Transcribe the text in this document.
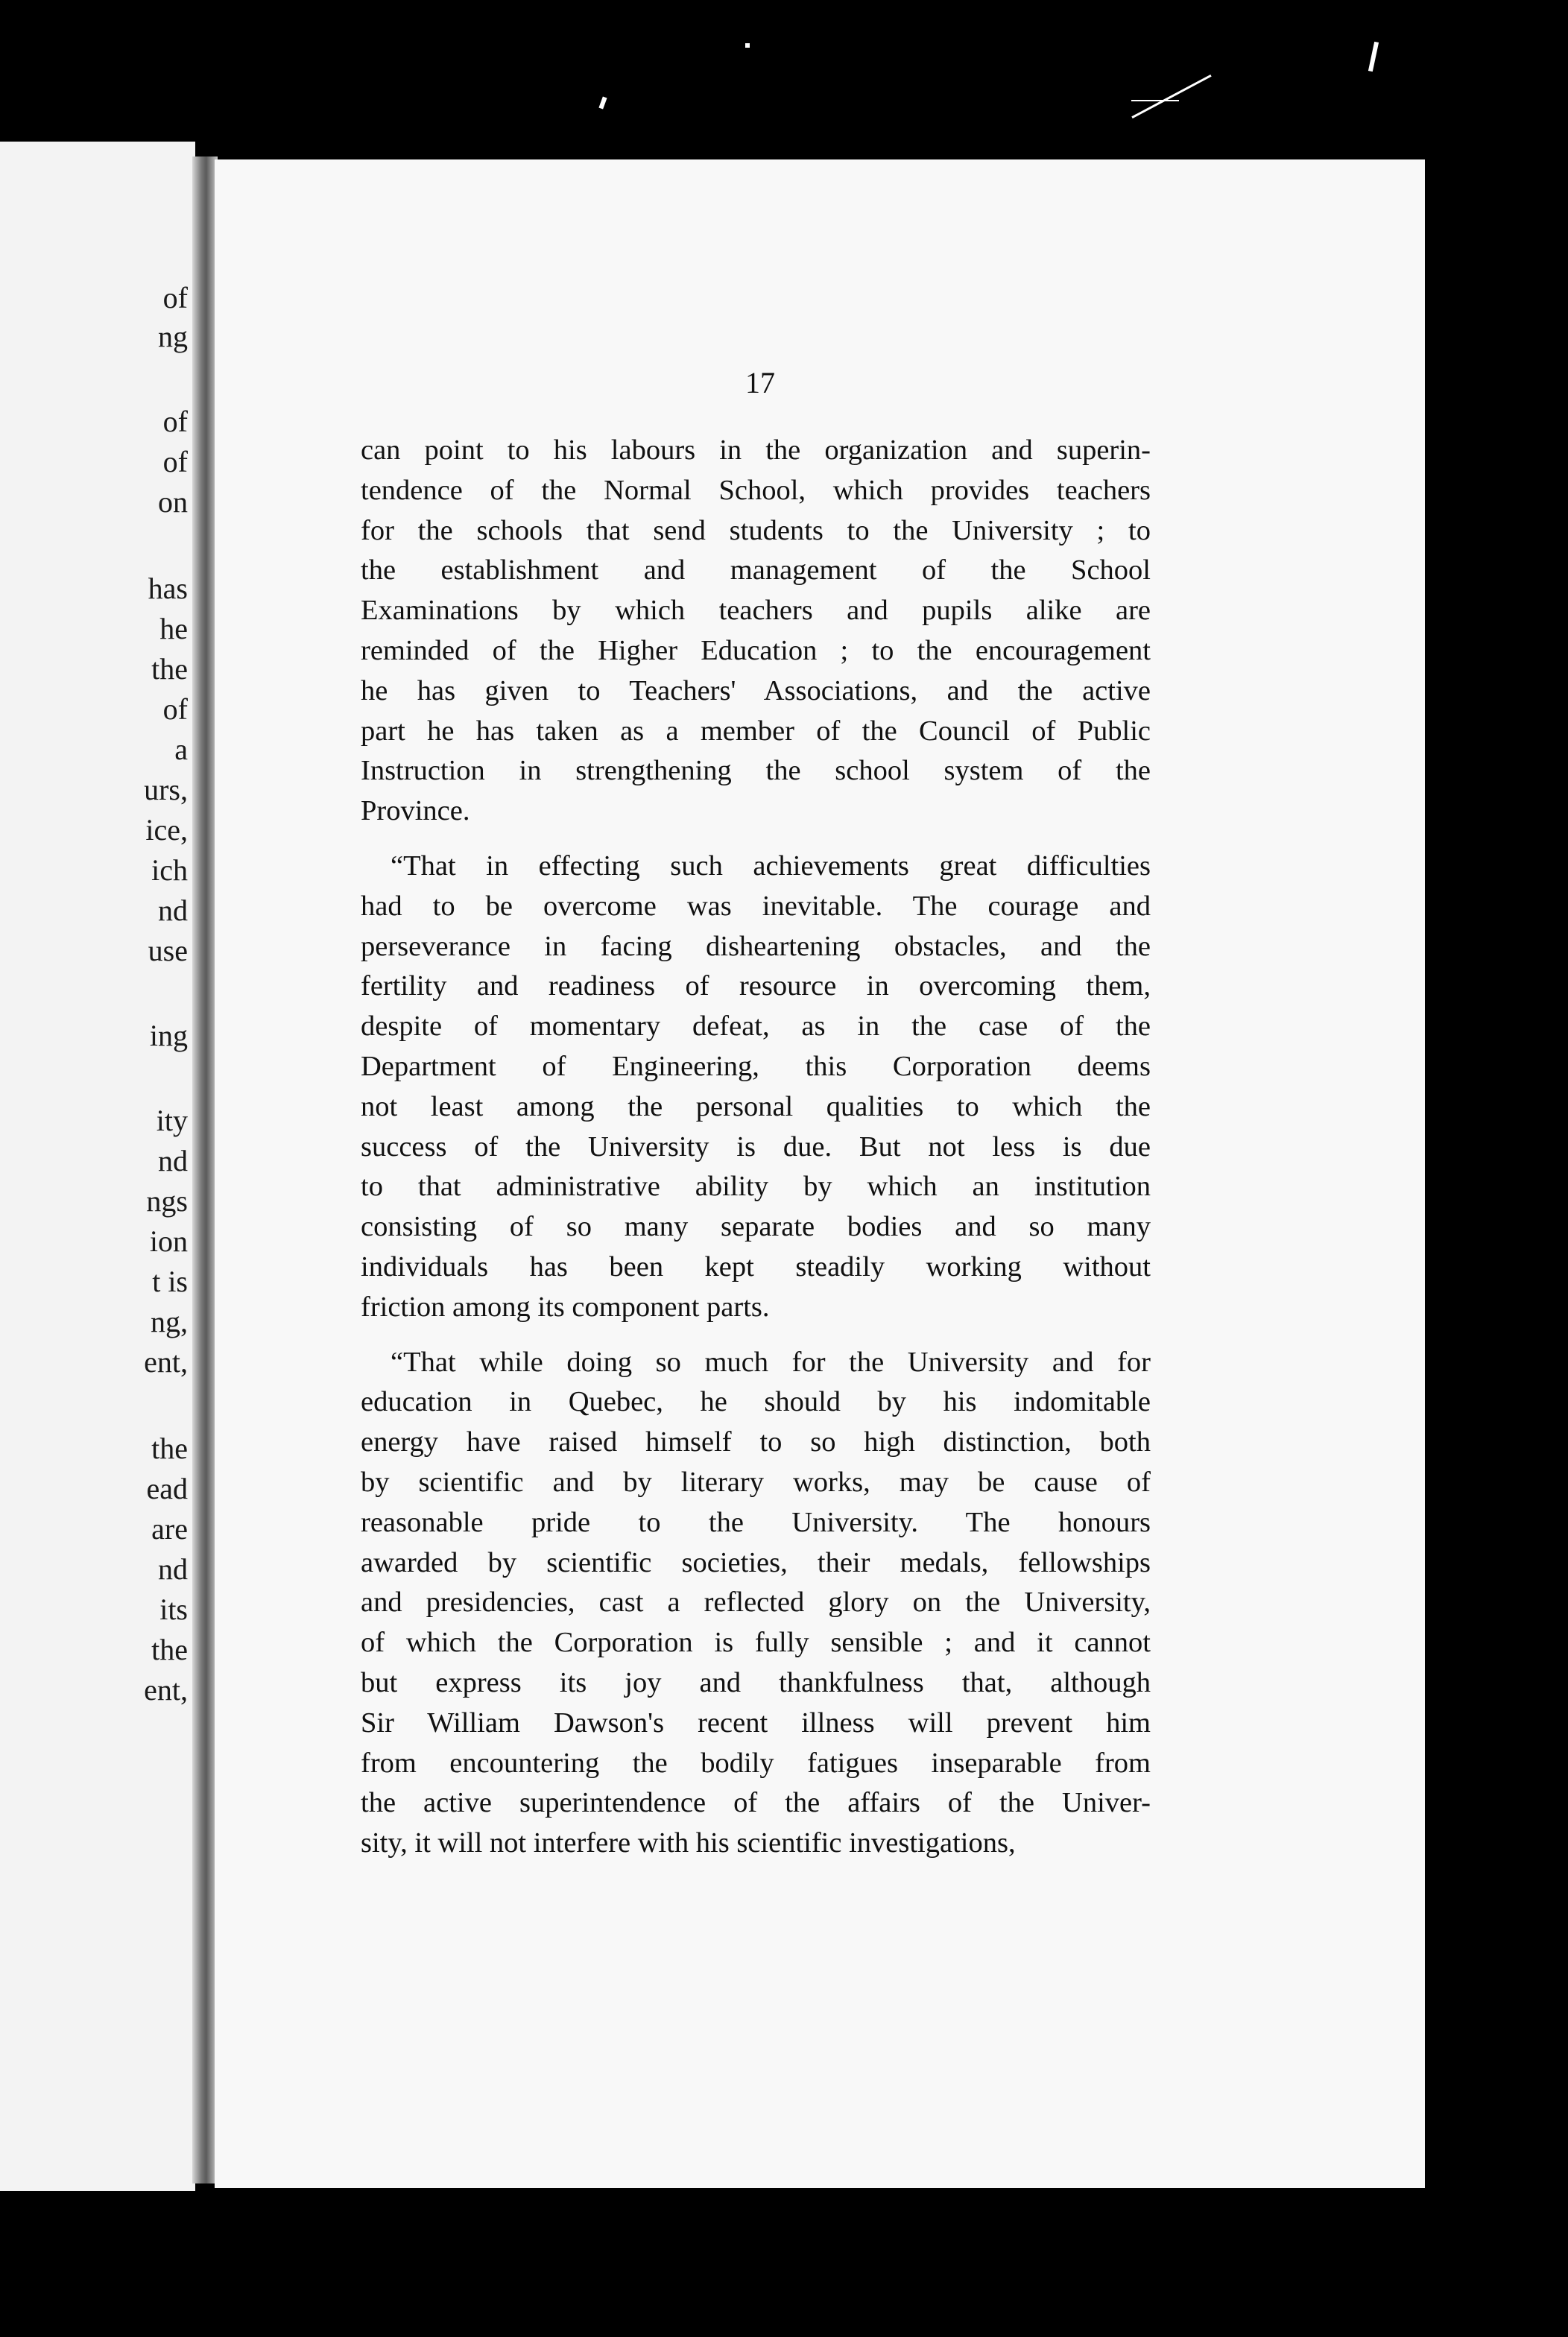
of
ng
of
of
on
has
he
the
of
a
urs,
ice,
ich
nd
use
ing
ity
nd
ngs
ion
t is
ng,
ent,
the
ead
are
nd
its
the
ent,
17
can point to his labours in the organization and superin-
tendence of the Normal School, which provides teachers
for the schools that send students to the University ; to
the establishment and management of the School
Examinations by which teachers and pupils alike are
reminded of the Higher Education ; to the encouragement
he has given to Teachers' Associations, and the active
part he has taken as a member of the Council of Public
Instruction in strengthening the school system of the
Province.
“That in effecting such achievements great difficulties
had to be overcome was inevitable. The courage and
perseverance in facing disheartening obstacles, and the
fertility and readiness of resource in overcoming them,
despite of momentary defeat, as in the case of the
Department of Engineering, this Corporation deems
not least among the personal qualities to which the
success of the University is due. But not less is due
to that administrative ability by which an institution
consisting of so many separate bodies and so many
individuals has been kept steadily working without
friction among its component parts.
“That while doing so much for the University and for
education in Quebec, he should by his indomitable
energy have raised himself to so high distinction, both
by scientific and by literary works, may be cause of
reasonable pride to the University. The honours
awarded by scientific societies, their medals, fellowships
and presidencies, cast a reflected glory on the University,
of which the Corporation is fully sensible ; and it cannot
but express its joy and thankfulness that, although
Sir William Dawson's recent illness will prevent him
from encountering the bodily fatigues inseparable from
the active superintendence of the affairs of the Univer-
sity, it will not interfere with his scientific investigations,
